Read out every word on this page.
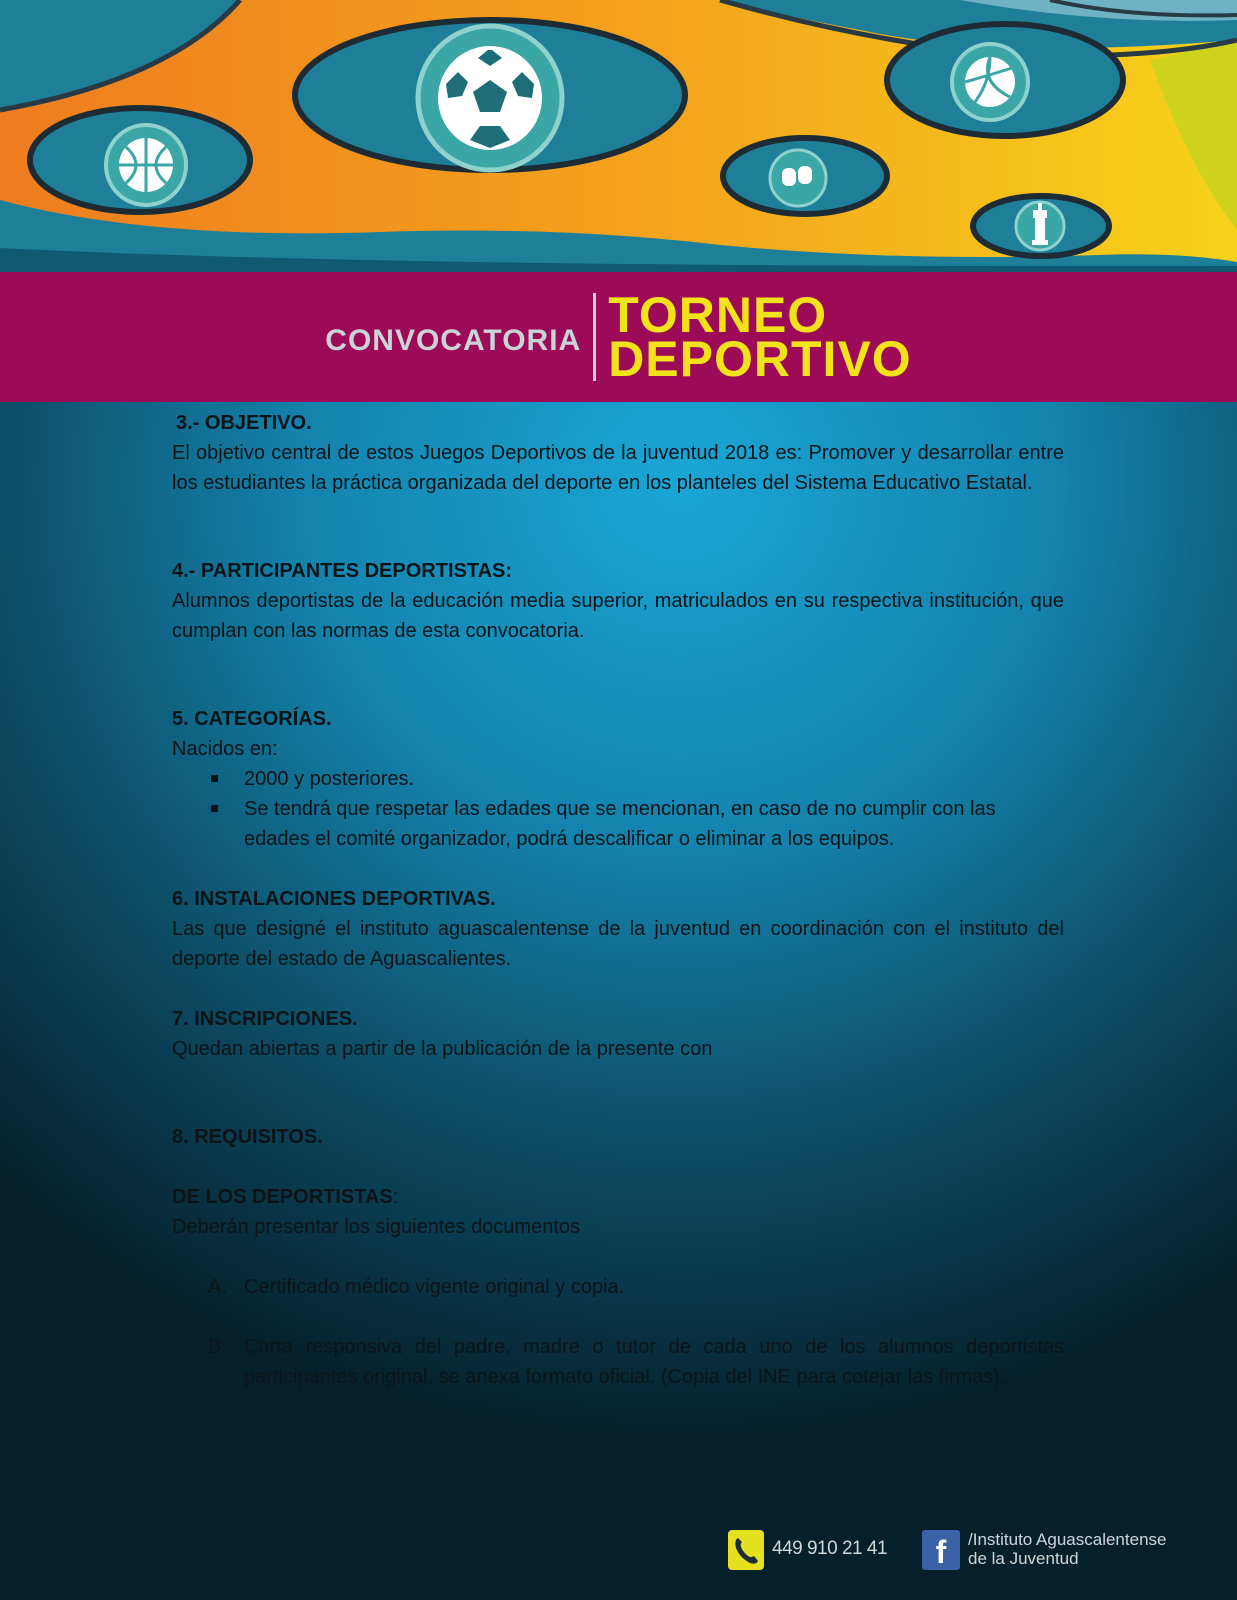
CONVOCATORIA TORNEO
DEPORTIVO

3.- OBJETIVO.

El objetivo central de estos Juegos Deportivos de la juventud 2018 es: Promover y desarrollar entre los estudiantes la práctica organizada del deporte en los planteles del Sistema Educativo Estatal.

4.- PARTICIPANTES DEPORTISTAS:

Alumnos deportistas de la educación media superior, matriculados en su respectiva institución, que cumplan con las normas de esta convocatoria.

5. CATEGORÍAS.

Nacidos en:

2000 y posteriores.
Se tendrá que respetar las edades que se mencionan, en caso de no cumplir con las edades el comité organizador, podrá descalificar o eliminar a los equipos.

6. INSTALACIONES DEPORTIVAS.

Las que designé el instituto aguascalentense de la juventud en coordinación con el instituto del deporte del estado de Aguascalientes.

7. INSCRIPCIONES.

Quedan abiertas a partir de la publicación de la presente con

8. REQUISITOS.

DE LOS DEPORTISTAS:

Deberán presentar los siguientes documentos

A. Certificado médico vigente original y copia.
B. Carta responsiva del padre, madre o tutor de cada uno de los alumnos deportistas participantes original, se anexa formato oficial. (Copia del INE para cotejar las firmas).
449 910 21 41	f	/Instituto Aguascalentense
de la Juventud
